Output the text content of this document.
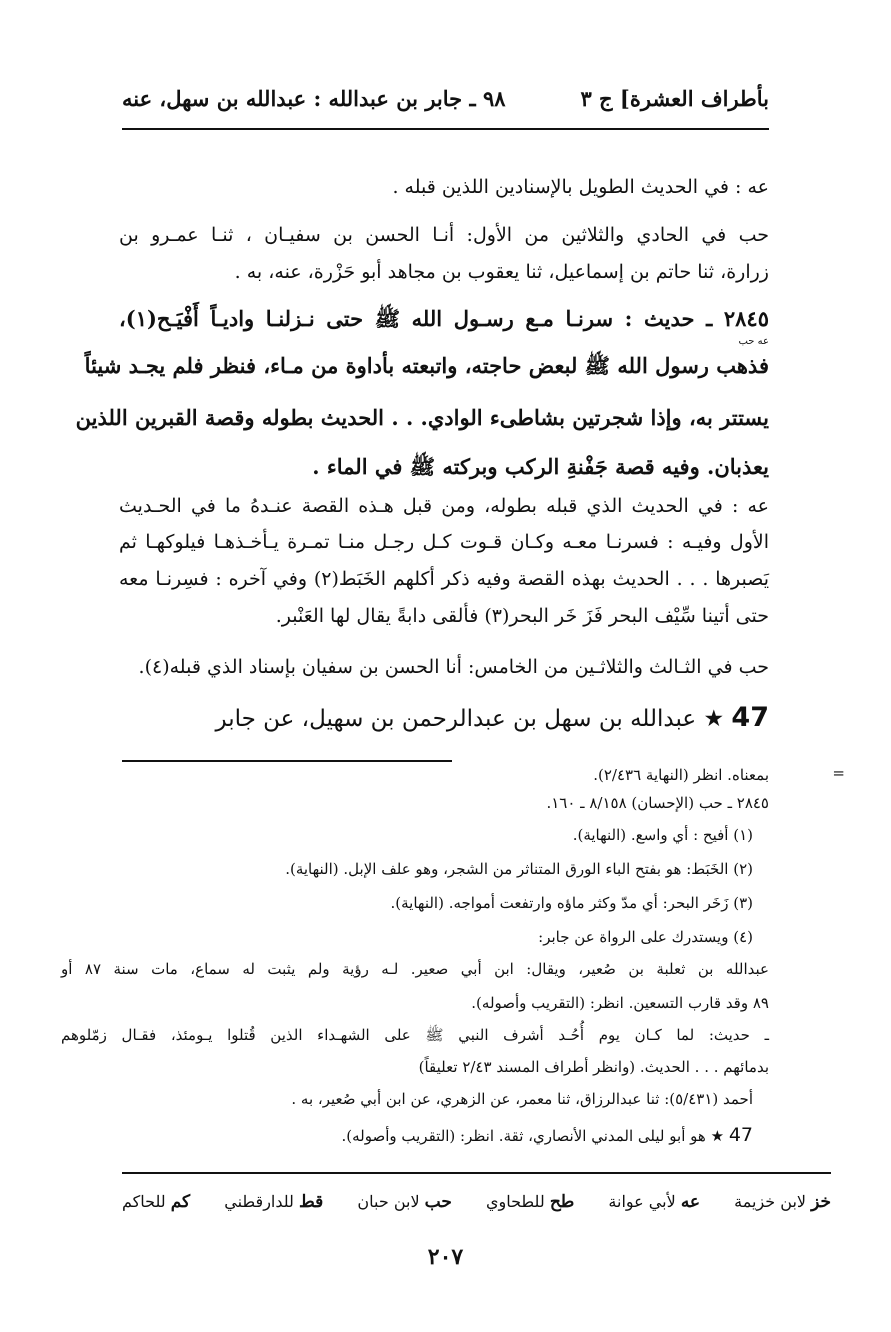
٩٨ ـ جابر بن عبدالله : عبدالله بن سهل، عنه	بأطراف العشرة] ج ٣
عه : في الحديث الطويل بالإسنادين اللذين قبله .
حب في الحادي والثلاثين من الأول: أنـا الحسن بن سفيـان ، ثنـا عمـرو بن
زرارة، ثنا حاتم بن إسماعيل، ثنا يعقوب بن مجاهد أبو حَزْرة، عنه، به .
٢٨٤٥ ـ حديث : سرنـا مـع رسـول الله ﷺ حتى نـزلنـا واديـاً أَفْيَـح(١)،
عه حب
فذهب رسول الله ﷺ لبعض حاجته، واتبعته بأداوة من مـاء، فنظر فلم يجـد شيئاً
يستتر به، وإذا شجرتين بشاطىء الوادي. . . الحديث بطوله وقصة القبرين اللذين
يعذبان. وفيه قصة جَفْنةِ الركب وبركته ﷺ في الماء .
عه : في الحديث الذي قبله بطوله، ومن قبل هـذه القصة عنـدهُ ما في الحـديث
الأول وفيـه : فسرنـا معـه وكـان قـوت كـل رجـل منـا تمـرة يـأخـذهـا فيلوكهـا ثم
يَصبرها . . . الحديث بهذه القصة وفيه ذكر أكلهم الخَبَط(٢) وفي آخره : فسِرنـا معه
حتى أتينا سِّيْف البحر فَزَ خَر البحر(٣) فألقى دابةً يقال لها العَنْبر.
حب في الثـالث والثلاثـين من الخامس: أنا الحسن بن سفيان بإسناد الذي قبله(٤).
47 ★ عبدالله بن سهل بن عبدالرحمن بن سهيل، عن جابر
=
بمعناه. انظر (النهاية ٢/٤٣٦).
٢٨٤٥ ـ حب (الإحسان) ٨/١٥٨ ـ ١٦٠.
(١) أفيح : أي واسع. (النهاية).
(٢) الخَبَط: هو بفتح الباء الورق المتناثر من الشجر، وهو علف الإبل. (النهاية).
(٣) زَخَر البحر: أي مدّ وكثر ماؤه وارتفعت أمواجه. (النهاية).
(٤) ويستدرك على الرواة عن جابر:
عبدالله بن ثعلبة بن صُعير، ويقال: ابن أبي صعير. لـه رؤية ولم يثبت له سماع، مات سنة ٨٧ أو
٨٩ وقد قارب التسعين. انظر: (التقريب وأصوله).
ـ حديث: لما كـان يوم أُحُـد أشرف النبي ﷺ على الشهـداء الذين قُتلوا يـومئذ، فقـال زمّلوهم
بدمائهم . . . الحديث. (وانظر أطراف المسند ٢/٤٣ تعليقاً)
أحمد (٥/٤٣١): ثنا عبدالرزاق، ثنا معمر، عن الزهري، عن ابن أبي صُعير، به .
47 ★ هو أبو ليلى المدني الأنصاري، ثقة. انظر: (التقريب وأصوله).
خز لابن خزيمة
عه لأبي عوانة
طح للطحاوي
حب لابن حبان
قط للدارقطني
كم للحاكم
٢٠٧
